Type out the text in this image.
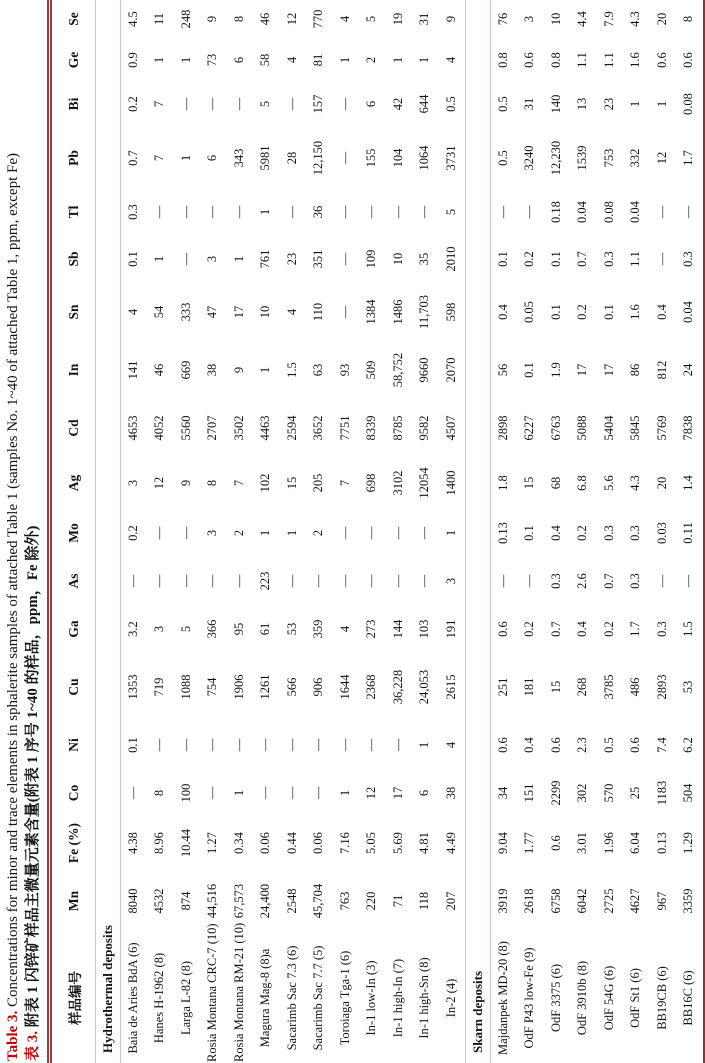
Table 3. Concentrations for minor and trace elements in sphalerite samples of attached Table 1 (samples No. 1~40 of attached Table 1, ppm, except Fe)

表 3. 附表 1 闪锌矿样品主微量元素含量(附表 1 序号 1~40 的样品，ppm，Fe 除外) 样品编号	Mn	Fe (%)	Co	Ni	Cu	Ga	As	Mo	Ag	Cd	In	Sn	Sb	Tl	Pb	Bi	Ge	Se
Hydrothermal deposits																		
Baia de Aries BdA (6)	8040	4.38	—	0.1	1353	3.2	—	0.2	3	4653	141	4	0.1	0.3	0.7	0.2	0.9	4.5
Hanes H-1962 (8)	4532	8.96	8	—	719	3	—	—	12	4052	46	54	1	—	7	7	1	11
Larga L-82 (8)	874	10.44	100	—	1088	5	—	—	9	5560	669	333	—	—	1	—	1	248
Rosia Montana CRC-7 (10)	44,516	1.27	—	—	754	366	—	3	8	2707	38	47	3	—	6	—	73	9
Rosia Montana RM-21 (10)	67,573	0.34	1	—	1906	95	—	2	7	3502	9	17	1	—	343	—	6	8
Magura Mag-8 (8)a	24,400	0.06	—	—	1261	61	223	1	102	4463	1	10	761	1	5981	5	58	46
Sacarimb Sac 7.3 (6)	2548	0.44	—	—	566	53	—	1	15	2594	1.5	4	23	—	28	—	4	12
Sacarimb Sac 7.7 (5)	45,704	0.06	—	—	906	359	—	2	205	3652	63	110	351	36	12,150	157	81	770
Toroiaga Tga-1 (6)	763	7.16	1	—	1644	4	—	—	7	7751	93	—	—	—	—	—	1	4
In-1 low-In (3)	220	5.05	12	—	2368	273	—	—	698	8339	509	1384	109	—	155	6	2	5
In-1 high-In (7)	71	5.69	17	—	36,228	144	—	—	3102	8785	58,752	1486	10	—	104	42	1	19
In-1 high-Sn (8)	118	4.81	6	1	24,053	103	—	—	12054	9582	9660	11,703	35	—	1064	644	1	31
In-2 (4)	207	4.49	38	4	2615	191	3	1	1400	4507	2070	598	2010	5	3731	0.5	4	9
Skarn deposits																		
Majdanpek MD-20 (8)	3919	9.04	34	0.6	251	0.6	—	0.13	1.8	2898	56	0.4	0.1	—	0.5	0.5	0.8	76
OdF P43 low-Fe (9)	2618	1.77	151	0.4	181	0.2	—	0.1	15	6227	0.1	0.05	0.2	—	3240	31	0.6	3
OdF 3375 (6)	6758	0.6	2299	0.6	15	0.7	0.3	0.4	68	6763	1.9	0.1	0.1	0.18	12,230	140	0.8	10
OdF 3910b (8)	6042	3.01	302	2.3	268	0.4	2.6	0.2	6.8	5088	17	0.2	0.7	0.04	1539	13	1.1	4.4
OdF 54G (6)	2725	1.96	570	0.5	3785	0.2	0.7	0.3	5.6	5404	17	0.1	0.3	0.08	753	23	1.1	7.9
OdF St1 (6)	4627	6.04	25	0.6	486	1.7	0.3	0.3	4.3	5845	86	1.6	1.1	0.04	332	1	1.6	4.3
BB19CB (6)	967	0.13	1183	7.4	2893	0.3	—	0.03	20	5769	812	0.4	—	—	12	1	0.6	20
BB16C (6)	3359	1.29	504	6.2	53	1.5	—	0.11	1.4	7838	24	0.04	0.3	—	1.7	0.08	0.6	8
